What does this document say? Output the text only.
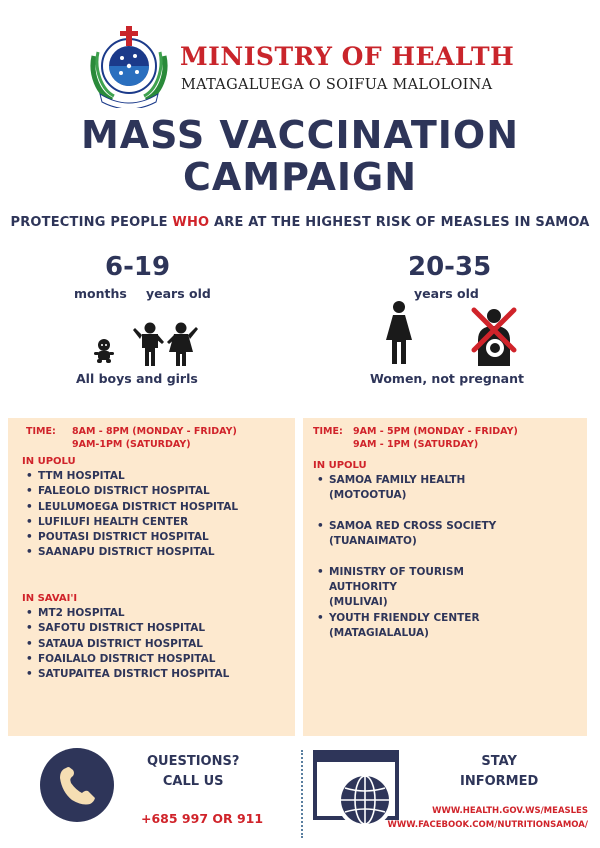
MINISTRY OF HEALTH
MATAGALUEGA O SOIFUA MALOLOINA
MASS VACCINATION
CAMPAIGN
PROTECTING PEOPLE WHO ARE AT THE HIGHEST RISK OF MEASLES IN SAMOA
6-19
months years old
All boys and girls
20-35
years old
Women, not pregnant
TIME: 8AM - 8PM (MONDAY - FRIDAY)
9AM-1PM (SATURDAY)
IN UPOLU
• TTM HOSPITAL
• FALEOLO DISTRICT HOSPITAL
• LEULUMOEGA DISTRICT HOSPITAL
• LUFILUFI HEALTH CENTER
• POUTASI DISTRICT HOSPITAL
• SAANAPU DISTRICT HOSPITAL
IN SAVAI'I
• MT2 HOSPITAL
• SAFOTU DISTRICT HOSPITAL
• SATAUA DISTRICT HOSPITAL
• FOAILALO DISTRICT HOSPITAL
• SATUPAITEA DISTRICT HOSPITAL
TIME: 9AM - 5PM (MONDAY - FRIDAY)
9AM - 1PM (SATURDAY)
IN UPOLU
• SAMOA FAMILY HEALTH
(MOTOOTUA)
• SAMOA RED CROSS SOCIETY
(TUANAIMATO)
• MINISTRY OF TOURISM AUTHORITY
(MULIVAI)
• YOUTH FRIENDLY CENTER
(MATAGIALALUA)
QUESTIONS?
CALL US
+685 997 OR 911
STAY
INFORMED
WWW.HEALTH.GOV.WS/MEASLES
WWW.FACEBOOK.COM/NUTRITIONSAMOA/
